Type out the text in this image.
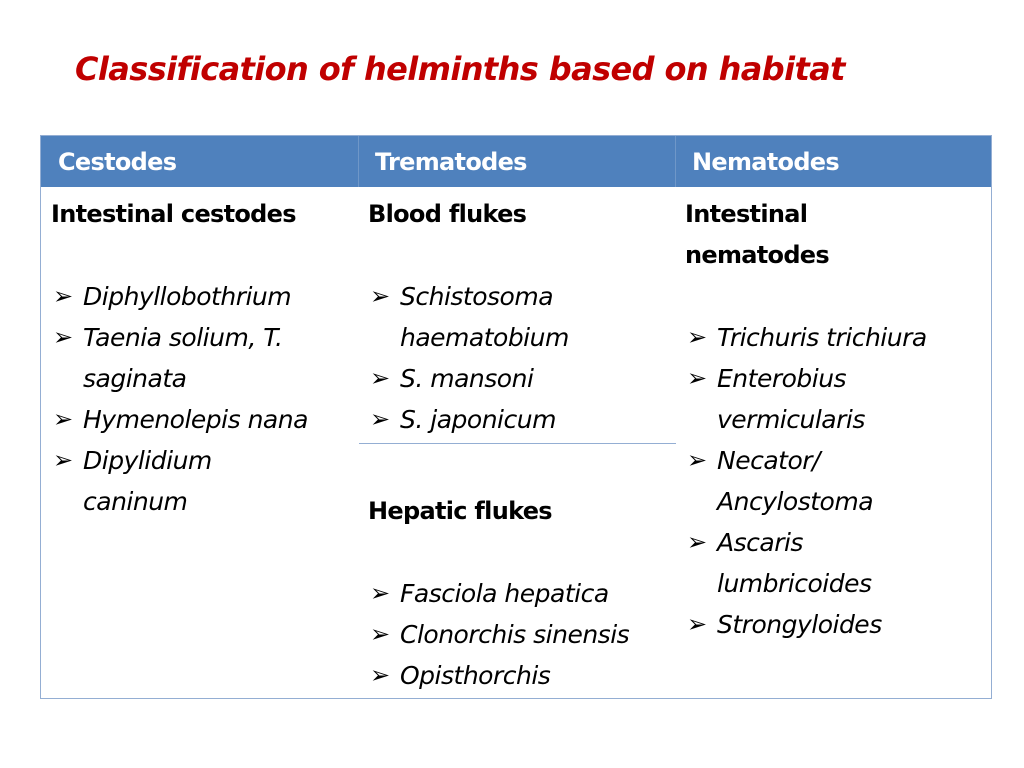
Classification of helminths based on habitat
Cestodes	Trematodes	Nematodes
Intestinal cestodes
➢ Diphyllobothrium
➢ Taenia solium, T.
saginata
➢ Hymenolepis nana
➢ Dipylidium
caninum
Blood flukes
➢ Schistosoma
haematobium
➢ S. mansoni
➢ S. japonicum
Hepatic flukes
➢ Fasciola hepatica
➢ Clonorchis sinensis
➢ Opisthorchis
Intestinal
nematodes
➢ Trichuris trichiura
➢ Enterobius
vermicularis
➢ Necator/
Ancylostoma
➢ Ascaris
lumbricoides
➢ Strongyloides
